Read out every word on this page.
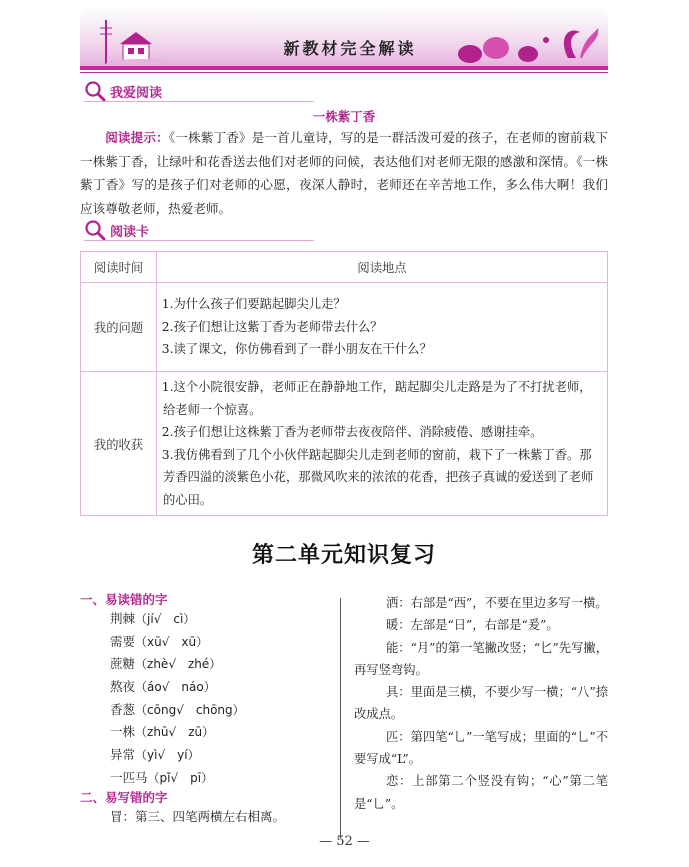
新教材完全解读
我爱阅读
一株紫丁香
阅读提示：《一株紫丁香》是一首儿童诗，写的是一群活泼可爱的孩子，在老师的窗前栽下一株紫丁香，让绿叶和花香送去他们对老师的问候，表达他们对老师无限的感激和深情。《一株紫丁香》写的是孩子们对老师的心愿，夜深人静时，老师还在辛苦地工作，多么伟大啊！我们应该尊敬老师，热爱老师。
阅读卡
阅读时间	阅读地点
我的问题	1.为什么孩子们要踮起脚尖儿走？
2.孩子们想让这紫丁香为老师带去什么？
3.读了课文，你仿佛看到了一群小朋友在干什么？

我的收获	1.这个小院很安静，老师正在静静地工作，踮起脚尖儿走路是为了不打扰老师，给老师一个惊喜。
2.孩子们想让这株紫丁香为老师带去夜夜陪伴、消除疲倦、感谢挂牵。
3.我仿佛看到了几个小伙伴踮起脚尖儿走到老师的窗前，栽下了一株紫丁香。那芳香四溢的淡紫色小花，那微风吹来的浓浓的花香，把孩子真诚的爱送到了老师的心田。
第二单元知识复习
一、易读错的字
荆棘（jí√　cì）
需要（xū√　xū）
蔗糖（zhè√　zhé）
熬夜（áo√　náo）
香葱（cōng√　chōng）
一株（zhū√　zū）
异常（yì√　yí）
一匹马（pǐ√　pī）
二、易写错的字
冒：第三、四笔两横左右相离。

洒：右部是“西”，不要在里边多写一横。

暖：左部是“日”，右部是“爰”。

能：“月”的第一笔撇改竖；“匕”先写撇，再写竖弯钩。

具：里面是三横，不要少写一横；“八”捺改成点。

匹：第四笔“乚”一笔写成；里面的“乚”不要写成“L”。

恋：上部第二个竖没有钩；“心”第二笔是“⺃”。

— 52 —
